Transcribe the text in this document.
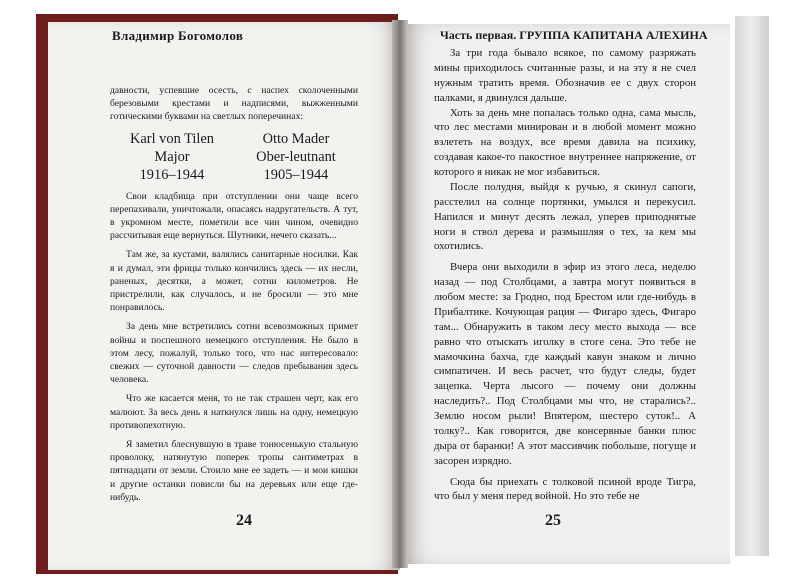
Владимир Богомолов	Часть первая. ГРУППА КАПИТАНА АЛЕХИНА

давности, успевшие осесть, с наспех сколоченными березовыми крестами и надписями, выжженными готическими буквами на светлых поперечинах:

Karl von Tilen	Otto Mader
Major	Ober-leutnant
1916–1944	1905–1944

Свои кладбища при отступлении они чаще всего перепахивали, уничтожали, опасаясь надругательств. А тут, в укромном месте, пометили все чин чином, очевидно рассчитывая еще вернуться. Шутники, нечего сказать...

Там же, за кустами, валялись санитарные носилки. Как я и думал, эти фрицы только кончились здесь — их несли, раненых, десятки, а может, сотни километров. Не пристрелили, как случалось, и не бросили — это мне понравилось.

За день мне встретились сотни всевозможных примет войны и поспешного немецкого отступления. Не было в этом лесу, пожалуй, только того, что нас интересовало: свежих — суточной давности — следов пребывания здесь человека.

Что же касается меня, то не так страшен черт, как его малюют. За весь день я наткнулся лишь на одну, немецкую противопехотную.

Я заметил блеснувшую в траве тонюсенькую стальную проволоку, натянутую поперек тропы сантиметрах в пятнадцати от земли. Стоило мне ее задеть — и мои кишки и другие останки повисли бы на деревьях или еще где-нибудь.

За три года бывало всякое, по самому разряжать мины приходилось считанные разы, и на эту я не счел нужным тратить время. Обозначив ее с двух сторон палками, я двинулся дальше.

Хоть за день мне попалась только одна, сама мысль, что лес местами минирован и в любой момент можно взлететь на воздух, все время давила на психику, создавая какое-то пакостное внутреннее напряжение, от которого я никак не мог избавиться.

После полудня, выйдя к ручью, я скинул сапоги, расстелил на солнце портянки, умылся и перекусил. Напился и минут десять лежал, уперев приподнятые ноги в ствол дерева и размышляя о тех, за кем мы охотились.

Вчера они выходили в эфир из этого леса, неделю назад — под Столбцами, а завтра могут появиться в любом месте: за Гродно, под Брестом или где-нибудь в Прибалтике. Кочующая рация — Фигаро здесь, Фигаро там... Обнаружить в таком лесу место выхода — все равно что отыскать иголку в стоге сена. Это тебе не мамочкина бахча, где каждый кавун знаком и лично симпатичен. И весь расчет, что будут следы, будет зацепка. Черта лысого — почему они должны наследить?.. Под Столбцами мы что, не старались?.. Землю носом рыли! Впятером, шестеро суток!.. А толку?.. Как говорится, две консервные банки плюс дыра от баранки! А этот массивчик побольше, погуще и засорен изрядно.

Сюда бы приехать с толковой псиной вроде Тигра, что был у меня перед войной. Но это тебе не

24	25
